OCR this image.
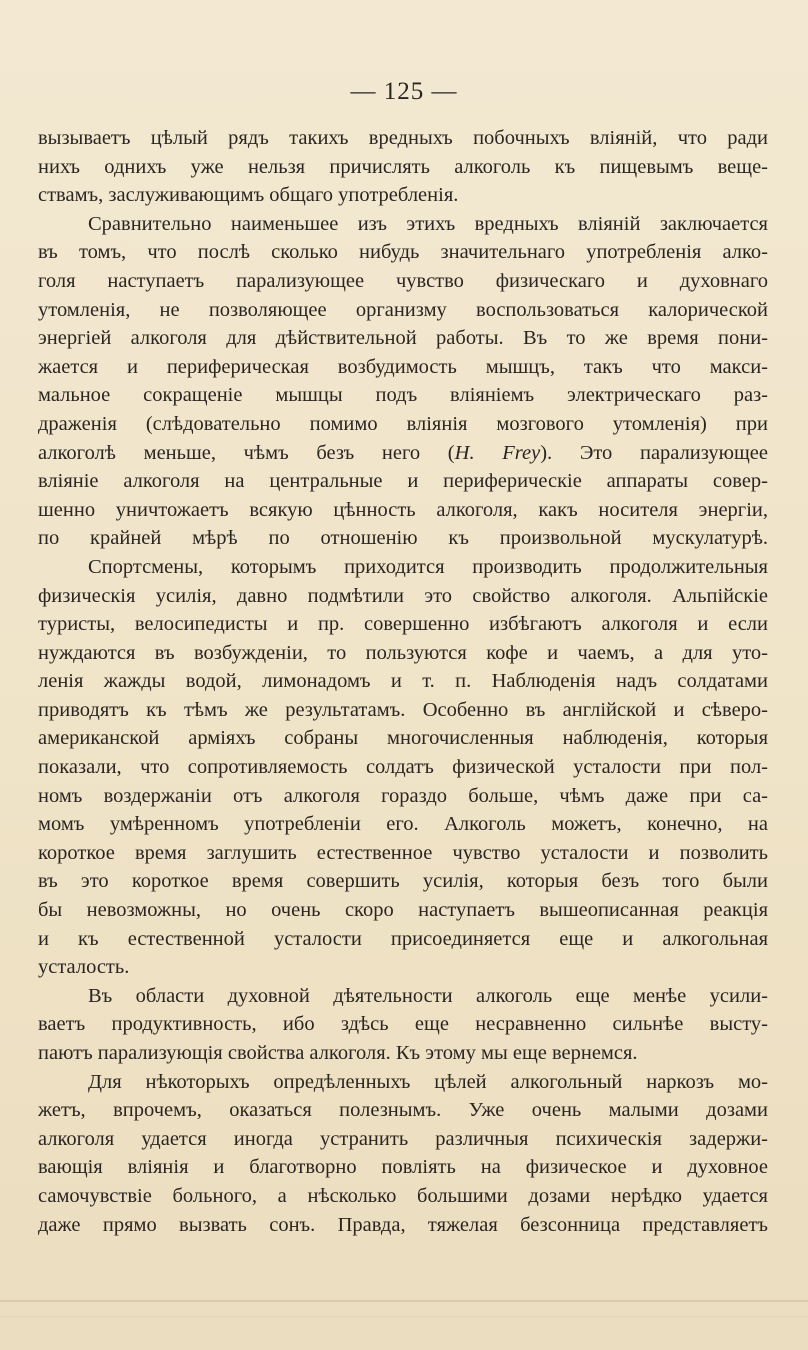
— 125 —
вызываетъ цѣлый рядъ такихъ вредныхъ побочныхъ вліяній, что ради
нихъ однихъ уже нельзя причислять алкоголь къ пищевымъ веще-
ствамъ, заслуживающимъ общаго употребленія.
Сравнительно наименьшее изъ этихъ вредныхъ вліяній заключается
въ томъ, что послѣ сколько нибудь значительнаго употребленія алко-
голя наступаетъ парализующее чувство физическаго и духовнаго
утомленія, не позволяющее организму воспользоваться калорической
энергіей алкоголя для дѣйствительной работы. Въ то же время пони-
жается и периферическая возбудимость мышцъ, такъ что макси-
мальное сокращеніе мышцы подъ вліяніемъ электрическаго раз-
драженія (слѣдовательно помимо вліянія мозгового утомленія) при
алкоголѣ меньше, чѣмъ безъ него (H. Frey). Это парализующее
вліяніе алкоголя на центральные и периферическіе аппараты совер-
шенно уничтожаетъ всякую цѣнность алкоголя, какъ носителя энергіи,
по крайней мѣрѣ по отношенію къ произвольной мускулатурѣ.
Спортсмены, которымъ приходится производить продолжительныя
физическія усилія, давно подмѣтили это свойство алкоголя. Альпійскіе
туристы, велосипедисты и пр. совершенно избѣгаютъ алкоголя и если
нуждаются въ возбужденіи, то пользуются кофе и чаемъ, а для уто-
ленія жажды водой, лимонадомъ и т. п. Наблюденія надъ солдатами
приводятъ къ тѣмъ же результатамъ. Особенно въ англійской и сѣверо-
американской арміяхъ собраны многочисленныя наблюденія, которыя
показали, что сопротивляемость солдатъ физической усталости при пол-
номъ воздержаніи отъ алкоголя гораздо больше, чѣмъ даже при са-
момъ умѣренномъ употребленіи его. Алкоголь можетъ, конечно, на
короткое время заглушить естественное чувство усталости и позволить
въ это короткое время совершить усилія, которыя безъ того были
бы невозможны, но очень скоро наступаетъ вышеописанная реакція
и къ естественной усталости присоединяется еще и алкогольная
усталость.
Въ области духовной дѣятельности алкоголь еще менѣе усили-
ваетъ продуктивность, ибо здѣсь еще несравненно сильнѣе высту-
паютъ парализующія свойства алкоголя. Къ этому мы еще вернемся.
Для нѣкоторыхъ опредѣленныхъ цѣлей алкогольный наркозъ мо-
жетъ, впрочемъ, оказаться полезнымъ. Уже очень малыми дозами
алкоголя удается иногда устранить различныя психическія задержи-
вающія вліянія и благотворно повліять на физическое и духовное
самочувствіе больного, а нѣсколько большими дозами нерѣдко удается
даже прямо вызвать сонъ. Правда, тяжелая безсонница представляетъ
